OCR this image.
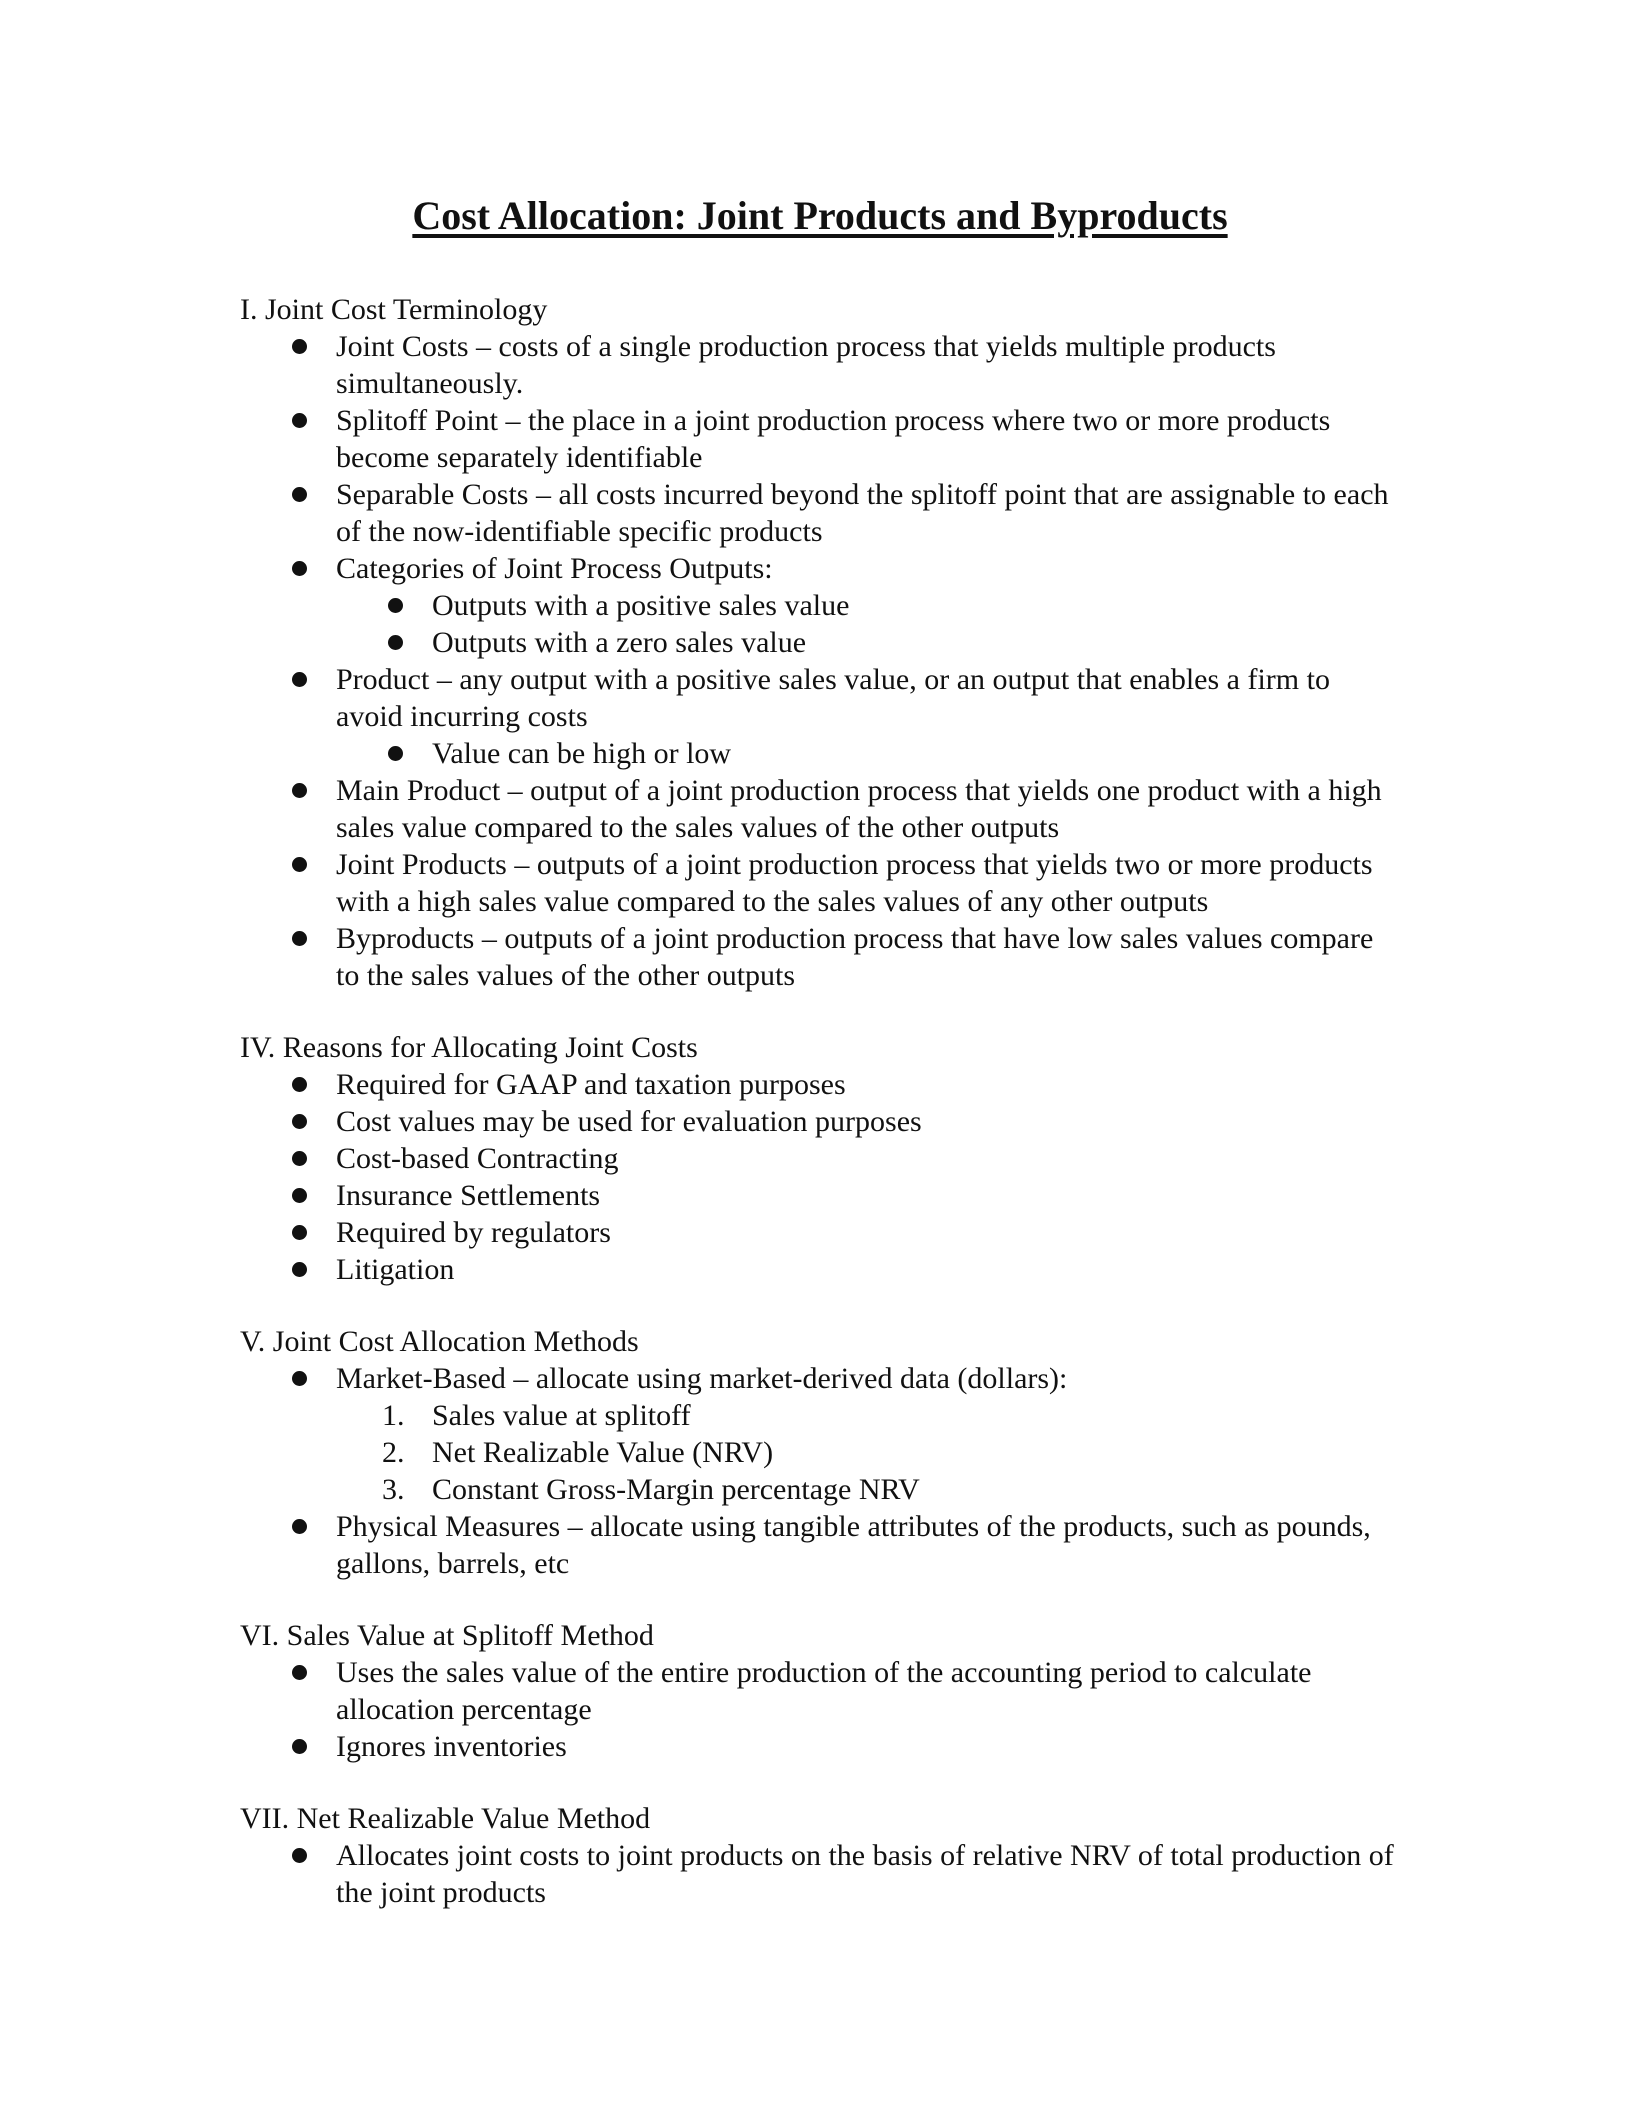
Cost Allocation: Joint Products and Byproducts
I. Joint Cost Terminology
Joint Costs – costs of a single production process that yields multiple products simultaneously.
Splitoff Point – the place in a joint production process where two or more products become separately identifiable
Separable Costs – all costs incurred beyond the splitoff point that are assignable to each of the now-identifiable specific products
Categories of Joint Process Outputs:
Outputs with a positive sales value
Outputs with a zero sales value
Product – any output with a positive sales value, or an output that enables a firm to avoid incurring costs
Value can be high or low
Main Product – output of a joint production process that yields one product with a high sales value compared to the sales values of the other outputs
Joint Products – outputs of a joint production process that yields two or more products with a high sales value compared to the sales values of any other outputs
Byproducts – outputs of a joint production process that have low sales values compare to the sales values of the other outputs
IV. Reasons for Allocating Joint Costs
Required for GAAP and taxation purposes
Cost values may be used for evaluation purposes
Cost-based Contracting
Insurance Settlements
Required by regulators
Litigation
V. Joint Cost Allocation Methods
Market-Based – allocate using market-derived data (dollars):
1. Sales value at splitoff
2. Net Realizable Value (NRV)
3. Constant Gross-Margin percentage NRV
Physical Measures – allocate using tangible attributes of the products, such as pounds, gallons, barrels, etc
VI. Sales Value at Splitoff Method
Uses the sales value of the entire production of the accounting period to calculate allocation percentage
Ignores inventories
VII. Net Realizable Value Method
Allocates joint costs to joint products on the basis of relative NRV of total production of the joint products
